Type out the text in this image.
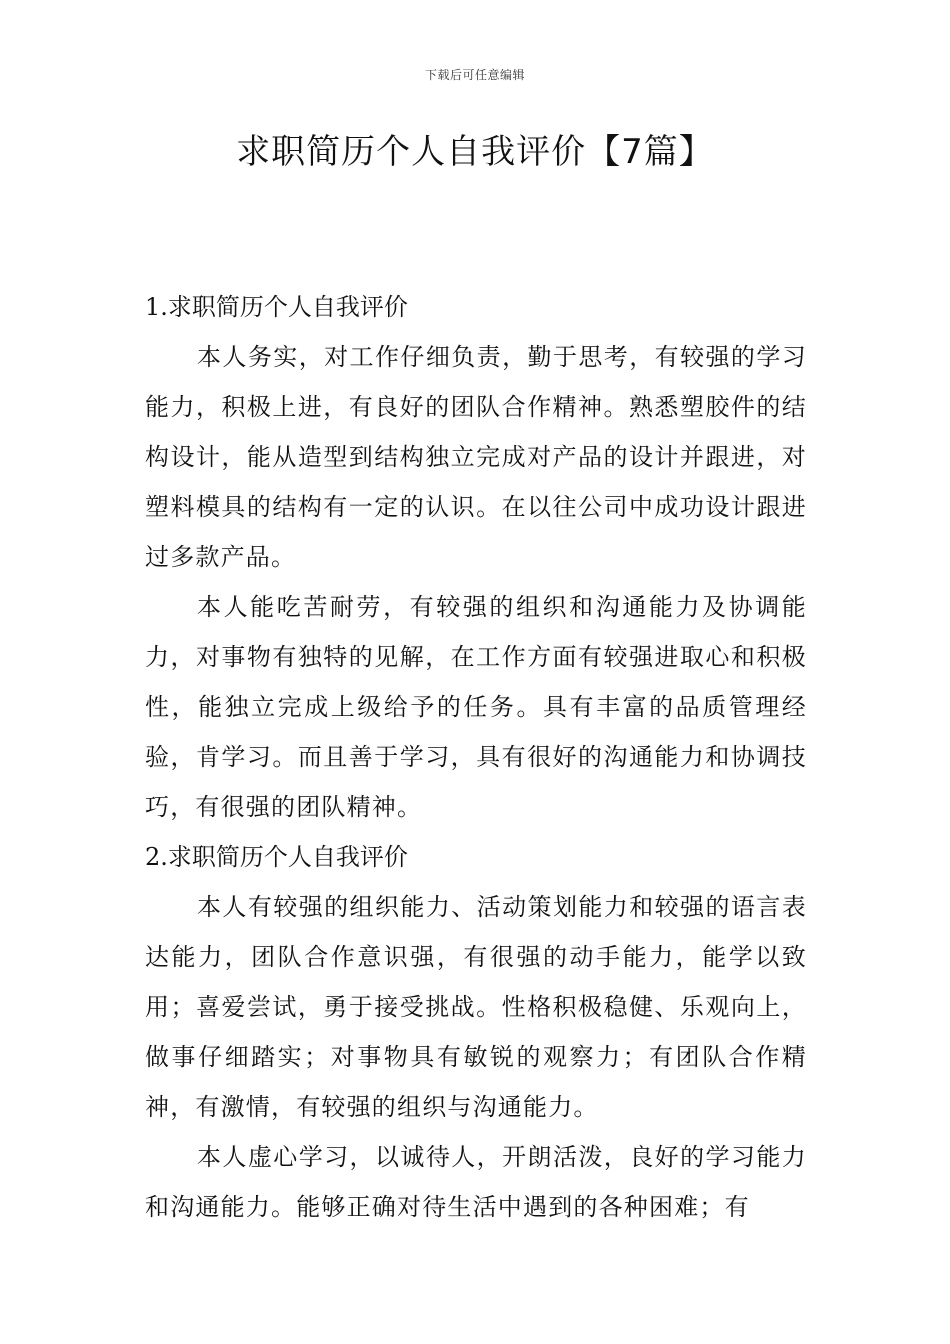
下载后可任意编辑
求职简历个人自我评价【7篇】
1.求职简历个人自我评价

本人务实，对工作仔细负责，勤于思考，有较强的学习能力，积极上进，有良好的团队合作精神。熟悉塑胶件的结构设计，能从造型到结构独立完成对产品的设计并跟进，对塑料模具的结构有一定的认识。在以往公司中成功设计跟进过多款产品。

本人能吃苦耐劳，有较强的组织和沟通能力及协调能力，对事物有独特的见解，在工作方面有较强进取心和积极性，能独立完成上级给予的任务。具有丰富的品质管理经验，肯学习。而且善于学习，具有很好的沟通能力和协调技巧，有很强的团队精神。

2.求职简历个人自我评价

本人有较强的组织能力、活动策划能力和较强的语言表达能力，团队合作意识强，有很强的动手能力，能学以致用；喜爱尝试，勇于接受挑战。性格积极稳健、乐观向上，做事仔细踏实；对事物具有敏锐的观察力；有团队合作精神，有激情，有较强的组织与沟通能力。

本人虚心学习，以诚待人，开朗活泼，良好的学习能力和沟通能力。能够正确对待生活中遇到的各种困难；有
